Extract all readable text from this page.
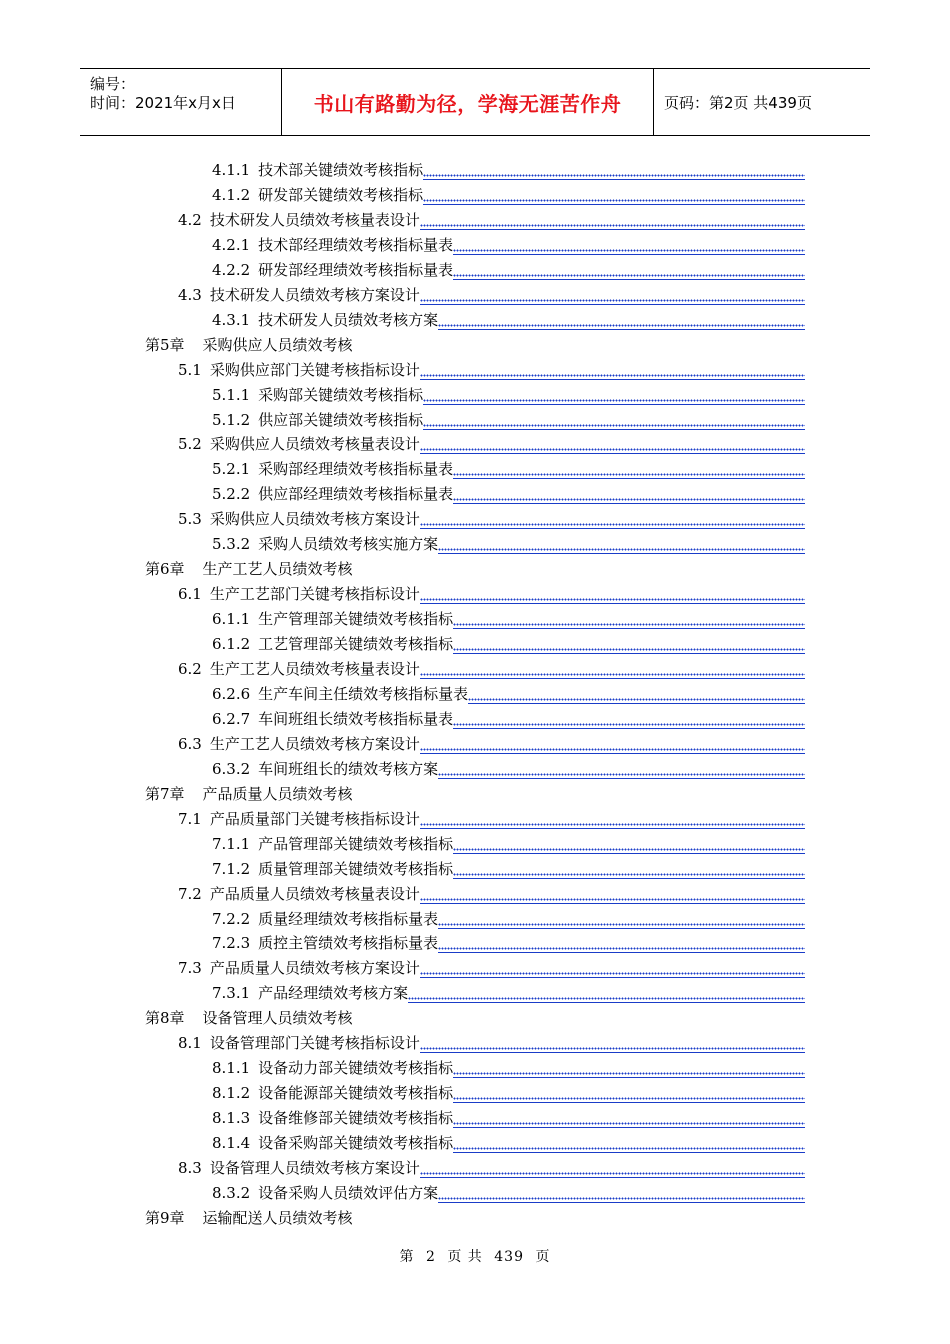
编号：
时间：2021年x月x日	书山有路勤为径，学海无涯苦作舟	页码：第2页 共439页
4.1.1 技术部关键绩效考核指标
4.1.2 研发部关键绩效考核指标
4.2 技术研发人员绩效考核量表设计
4.2.1 技术部经理绩效考核指标量表
4.2.2 研发部经理绩效考核指标量表
4.3 技术研发人员绩效考核方案设计
4.3.1 技术研发人员绩效考核方案
第5章 采购供应人员绩效考核
5.1 采购供应部门关键考核指标设计
5.1.1 采购部关键绩效考核指标
5.1.2 供应部关键绩效考核指标
5.2 采购供应人员绩效考核量表设计
5.2.1 采购部经理绩效考核指标量表
5.2.2 供应部经理绩效考核指标量表
5.3 采购供应人员绩效考核方案设计
5.3.2 采购人员绩效考核实施方案
第6章 生产工艺人员绩效考核
6.1 生产工艺部门关键考核指标设计
6.1.1 生产管理部关键绩效考核指标
6.1.2 工艺管理部关键绩效考核指标
6.2 生产工艺人员绩效考核量表设计
6.2.6 生产车间主任绩效考核指标量表
6.2.7 车间班组长绩效考核指标量表
6.3 生产工艺人员绩效考核方案设计
6.3.2 车间班组长的绩效考核方案
第7章 产品质量人员绩效考核
7.1 产品质量部门关键考核指标设计
7.1.1 产品管理部关键绩效考核指标
7.1.2 质量管理部关键绩效考核指标
7.2 产品质量人员绩效考核量表设计
7.2.2 质量经理绩效考核指标量表
7.2.3 质控主管绩效考核指标量表
7.3 产品质量人员绩效考核方案设计
7.3.1 产品经理绩效考核方案
第8章 设备管理人员绩效考核
8.1 设备管理部门关键考核指标设计
8.1.1 设备动力部关键绩效考核指标
8.1.2 设备能源部关键绩效考核指标
8.1.3 设备维修部关键绩效考核指标
8.1.4 设备采购部关键绩效考核指标
8.3 设备管理人员绩效考核方案设计
8.3.2 设备采购人员绩效评估方案
第9章 运输配送人员绩效考核
第 2 页 共 439 页
